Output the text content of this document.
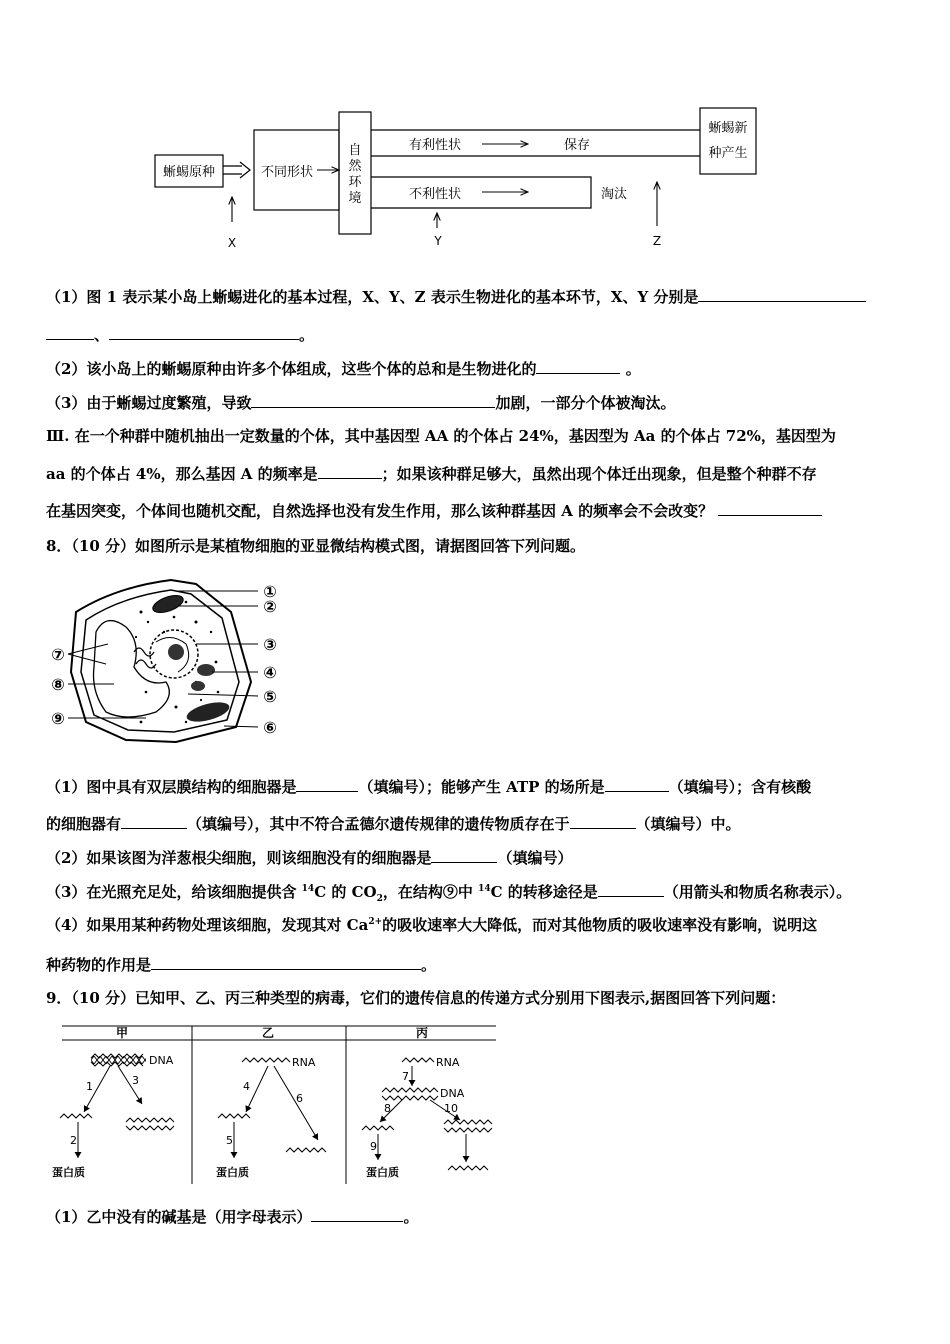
蜥蜴原种	不同形状
自
然
环
境
有利性状	保存
不利性状	淘汰
蜥蜴新
种产生
X	Y	Z
（1）图 1 表示某小岛上蜥蜴进化的基本过程，X、Y、Z 表示生物进化的基本环节，X、Y 分别是
、	。
（2）该小岛上的蜥蜴原种由许多个体组成，这些个体的总和是生物进化的	。
（3）由于蜥蜴过度繁殖，导致	加剧，一部分个体被淘汰。
Ⅲ. 在一个种群中随机抽出一定数量的个体，其中基因型 AA 的个体占 24%，基因型为 Aa 的个体占 72%，基因型为
aa 的个体占 4%，那么基因 A 的频率是	；如果该种群足够大，虽然出现个体迁出现象，但是整个种群不存
在基因突变，个体间也随机交配，自然选择也没有发生作用，那么该种群基因 A 的频率会不会改变？
8．（10 分）如图所示是某植物细胞的亚显微结构模式图，请据图回答下列问题。
①
②
③
④
⑤
⑥
⑦
⑧
⑨
（1）图中具有双层膜结构的细胞器是	（填编号）；能够产生 ATP 的场所是	（填编号）；含有核酸
的细胞器有	（填编号），其中不符合孟德尔遗传规律的遗传物质存在于	（填编号）中。
（2）如果该图为洋葱根尖细胞，则该细胞没有的细胞器是	（填编号）
（3）在光照充足处，给该细胞提供含 $^{14}$C 的 $CO_2$，在结构⑨中 $^{14}$C 的转移途径是	（用箭头和物质名称表示）。
（4）如果用某种药物处理该细胞，发现其对 $Ca^{2+}$的吸收速率大大降低，而对其他物质的吸收速率没有影响，说明这
种药物的作用是	。
9．（10 分）已知甲、乙、丙三种类型的病毒，它们的遗传信息的传递方式分别用下图表示,据图回答下列问题：
甲	乙	丙
DNA
1	3
2
蛋白质
RNA
4
6
5
蛋白质
RNA
7
DNA
8	10
9
蛋白质
（1）乙中没有的碱基是（用字母表示）	。
